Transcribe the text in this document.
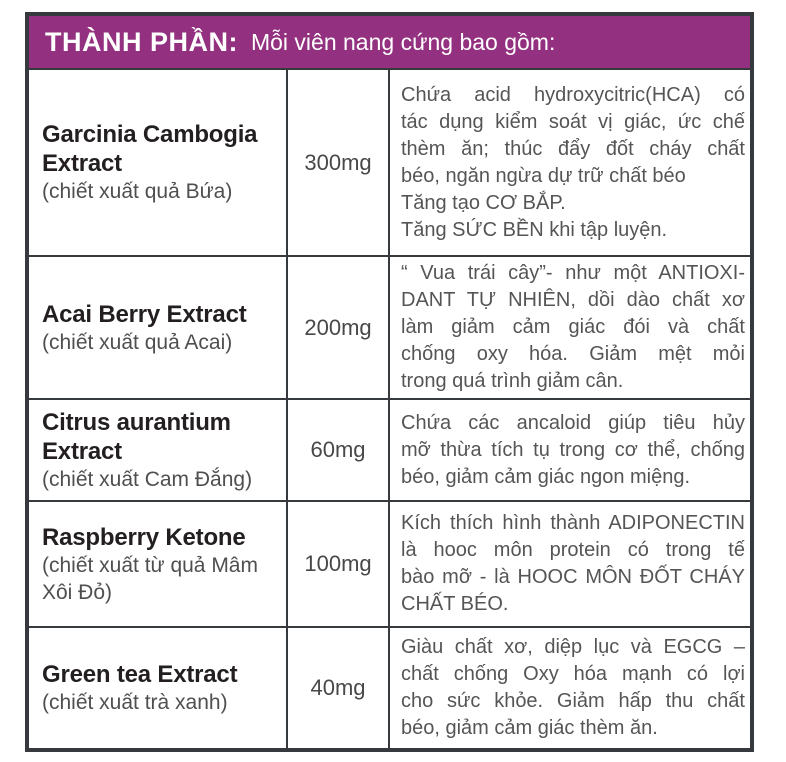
THÀNH PHẦN: Mỗi viên nang cứng bao gồm:
Garcinia Cambogia Extract
(chiết xuất quả Bứa)
300mg
Chứa acid hydroxycitric(HCA) có
tác dụng kiểm soát vị giác, ức chế
thèm ăn; thúc đẩy đốt cháy chất
béo, ngăn ngừa dự trữ chất béo
Tăng tạo CƠ BẮP.
Tăng SỨC BỀN khi tập luyện.
Acai Berry Extract
(chiết xuất quả Acai)
200mg
“ Vua trái cây”- như một ANTIOXI-
DANT TỰ NHIÊN, dồi dào chất xơ
làm giảm cảm giác đói và chất
chống oxy hóa. Giảm mệt mỏi
trong quá trình giảm cân.
Citrus aurantium Extract
(chiết xuất Cam Đắng)
60mg
Chứa các ancaloid giúp tiêu hủy
mỡ thừa tích tụ trong cơ thể, chống
béo, giảm cảm giác ngon miệng.
Raspberry Ketone
(chiết xuất từ quả Mâm Xôi Đỏ)
100mg
Kích thích hình thành ADIPONECTIN
là hooc môn protein có trong tế
bào mỡ - là HOOC MÔN ĐỐT CHÁY
CHẤT BÉO.
Green tea Extract
(chiết xuất trà xanh)
40mg
Giàu chất xơ, diệp lục và EGCG –
chất chống Oxy hóa mạnh có lợi
cho sức khỏe. Giảm hấp thu chất
béo, giảm cảm giác thèm ăn.
